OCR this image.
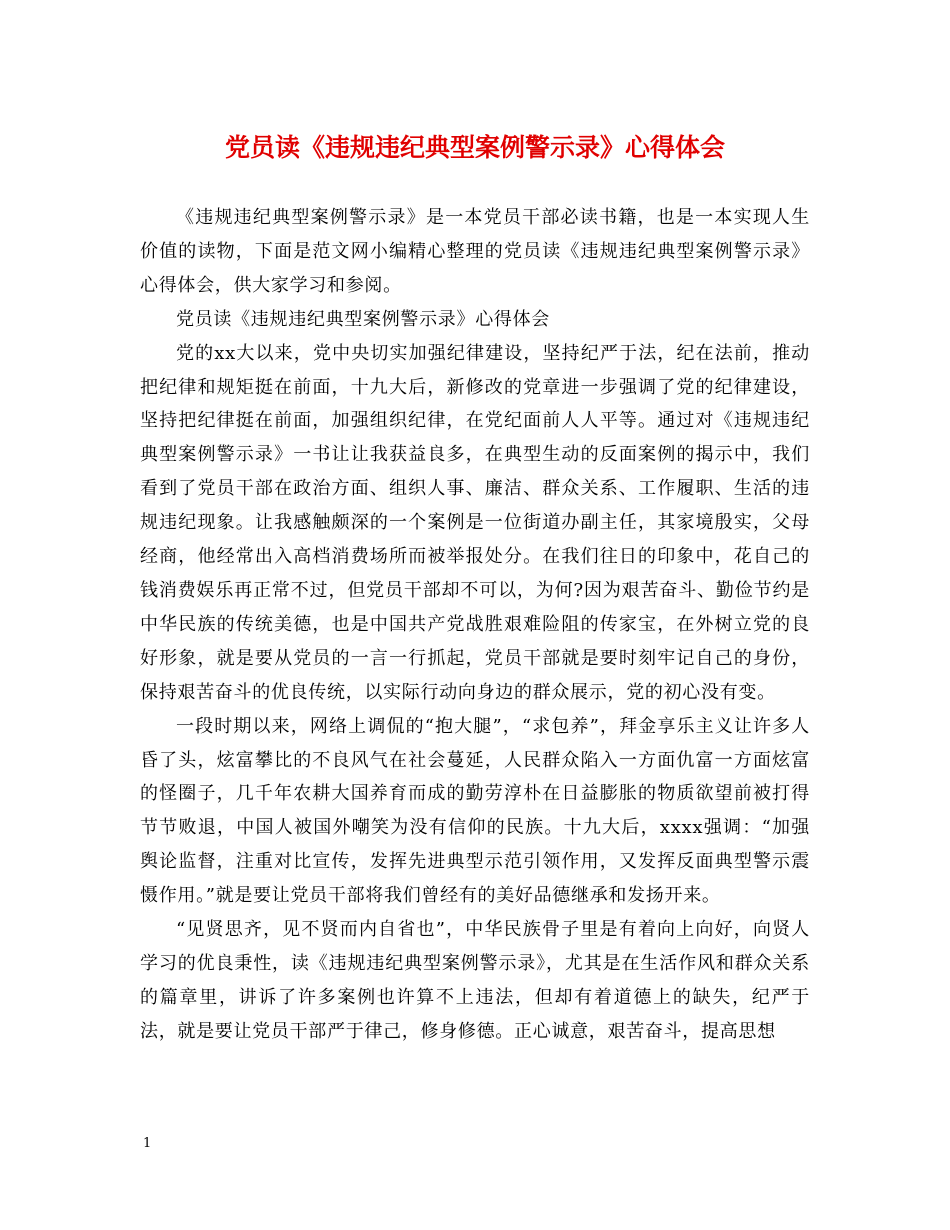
党员读《违规违纪典型案例警示录》心得体会

《违规违纪典型案例警示录》是一本党员干部必读书籍，也是一本实现人生价值的读物，下面是范文网小编精心整理的党员读《违规违纪典型案例警示录》心得体会，供大家学习和参阅。

党员读《违规违纪典型案例警示录》心得体会

党的xx大以来，党中央切实加强纪律建设，坚持纪严于法，纪在法前，推动把纪律和规矩挺在前面，十九大后，新修改的党章进一步强调了党的纪律建设，坚持把纪律挺在前面，加强组织纪律，在党纪面前人人平等。通过对《违规违纪典型案例警示录》一书让让我获益良多，在典型生动的反面案例的揭示中，我们看到了党员干部在政治方面、组织人事、廉洁、群众关系、工作履职、生活的违规违纪现象。让我感触颇深的一个案例是一位街道办副主任，其家境殷实，父母经商，他经常出入高档消费场所而被举报处分。在我们往日的印象中，花自己的钱消费娱乐再正常不过，但党员干部却不可以，为何?因为艰苦奋斗、勤俭节约是中华民族的传统美德，也是中国共产党战胜艰难险阻的传家宝，在外树立党的良好形象，就是要从党员的一言一行抓起，党员干部就是要时刻牢记自己的身份，保持艰苦奋斗的优良传统，以实际行动向身边的群众展示，党的初心没有变。

一段时期以来，网络上调侃的“抱大腿”，“求包养”，拜金享乐主义让许多人昏了头，炫富攀比的不良风气在社会蔓延，人民群众陷入一方面仇富一方面炫富的怪圈子，几千年农耕大国养育而成的勤劳淳朴在日益膨胀的物质欲望前被打得节节败退，中国人被国外嘲笑为没有信仰的民族。十九大后，xxxx强调：“加强舆论监督，注重对比宣传，发挥先进典型示范引领作用，又发挥反面典型警示震慑作用。”就是要让党员干部将我们曾经有的美好品德继承和发扬开来。

“见贤思齐，见不贤而内自省也”，中华民族骨子里是有着向上向好，向贤人学习的优良秉性，读《违规违纪典型案例警示录》，尤其是在生活作风和群众关系的篇章里，讲诉了许多案例也许算不上违法，但却有着道德上的缺失，纪严于法，就是要让党员干部严于律己，修身修德。正心诚意，艰苦奋斗，提高思想

1
